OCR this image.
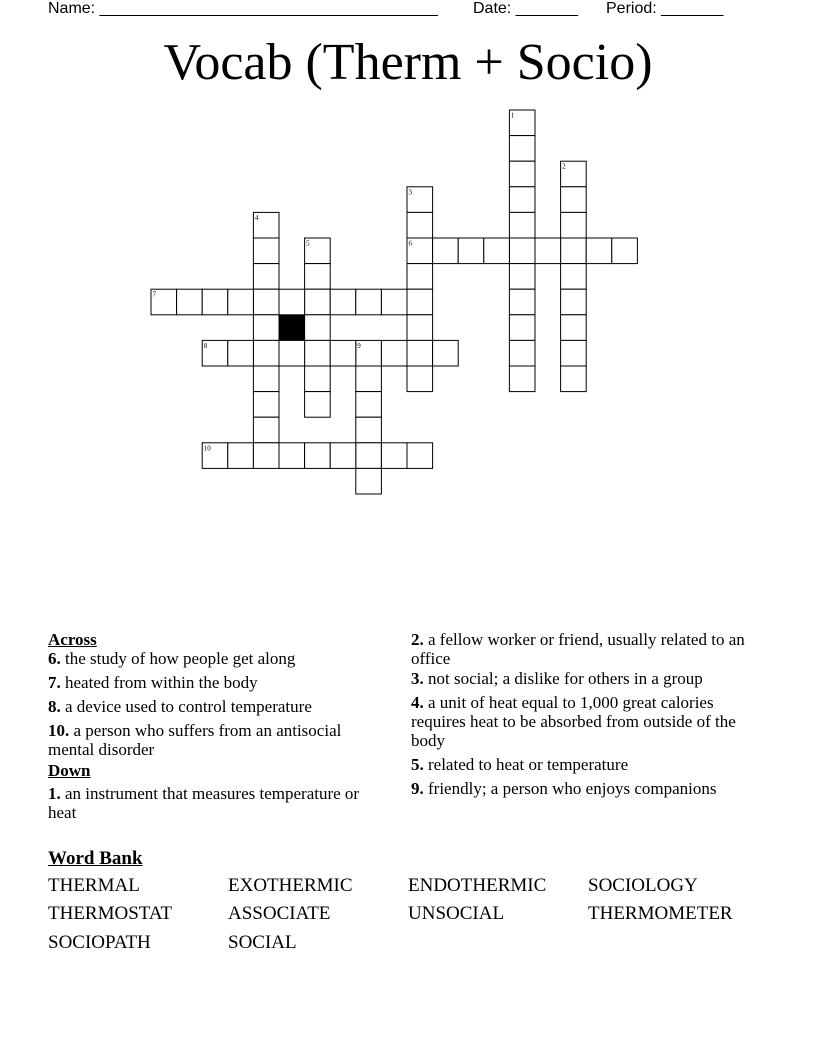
Name: ______________________________________ Date: _______ Period: _______
Vocab (Therm + Socio)
1
2
3
4
5	6
7
8	9
10
Across
6. the study of how people get along
7. heated from within the body
8. a device used to control temperature
10. a person who suffers from an antisocial mental disorder
Down
1. an instrument that measures temperature or heat
2. a fellow worker or friend, usually related to an office
3. not social; a dislike for others in a group
4. a unit of heat equal to 1,000 great calories requires heat to be absorbed from outside of the body
5. related to heat or temperature
9. friendly; a person who enjoys companions
Word Bank
THERMAL	EXOTHERMIC	ENDOTHERMIC SOCIOLOGY
THERMOSTAT	ASSOCIATE	UNSOCIAL	THERMOMETER
SOCIOPATH	SOCIAL
